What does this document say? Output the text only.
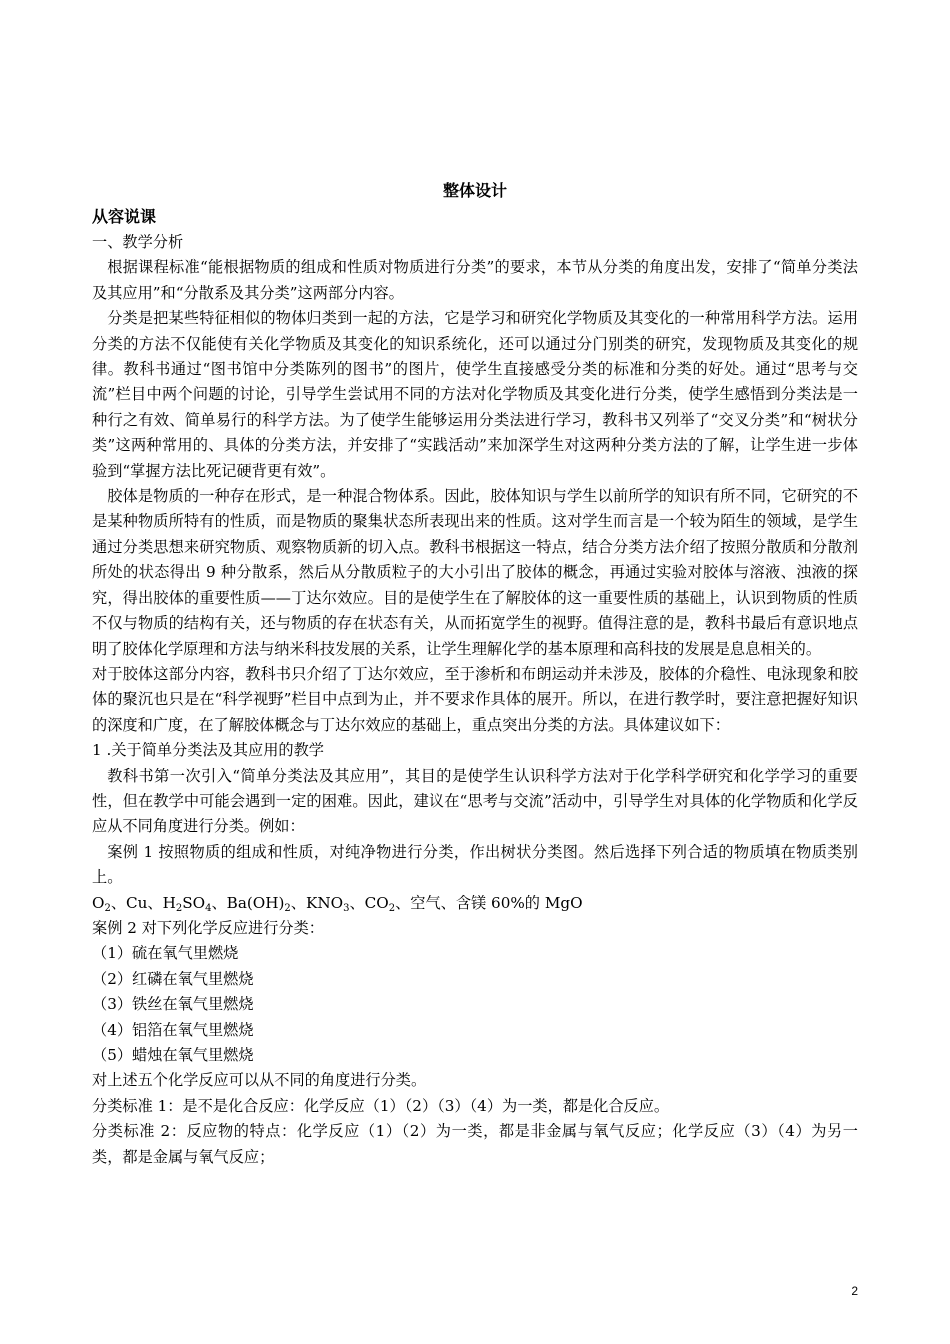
整体设计
从容说课

一、教学分析

根据课程标准“能根据物质的组成和性质对物质进行分类”的要求，本节从分类的角度出发，安排了“简单分类法及其应用”和“分散系及其分类”这两部分内容。

分类是把某些特征相似的物体归类到一起的方法，它是学习和研究化学物质及其变化的一种常用科学方法。运用分类的方法不仅能使有关化学物质及其变化的知识系统化，还可以通过分门别类的研究，发现物质及其变化的规律。教科书通过“图书馆中分类陈列的图书”的图片，使学生直接感受分类的标准和分类的好处。通过“思考与交流”栏目中两个问题的讨论，引导学生尝试用不同的方法对化学物质及其变化进行分类，使学生感悟到分类法是一种行之有效、简单易行的科学方法。为了使学生能够运用分类法进行学习，教科书又列举了“交叉分类”和“树状分类”这两种常用的、具体的分类方法，并安排了“实践活动”来加深学生对这两种分类方法的了解，让学生进一步体验到“掌握方法比死记硬背更有效”。

胶体是物质的一种存在形式，是一种混合物体系。因此，胶体知识与学生以前所学的知识有所不同，它研究的不是某种物质所特有的性质，而是物质的聚集状态所表现出来的性质。这对学生而言是一个较为陌生的领域，是学生通过分类思想来研究物质、观察物质新的切入点。教科书根据这一特点，结合分类方法介绍了按照分散质和分散剂所处的状态得出 9 种分散系，然后从分散质粒子的大小引出了胶体的概念，再通过实验对胶体与溶液、浊液的探究，得出胶体的重要性质——丁达尔效应。目的是使学生在了解胶体的这一重要性质的基础上，认识到物质的性质不仅与物质的结构有关，还与物质的存在状态有关，从而拓宽学生的视野。值得注意的是，教科书最后有意识地点明了胶体化学原理和方法与纳米科技发展的关系，让学生理解化学的基本原理和高科技的发展是息息相关的。

对于胶体这部分内容，教科书只介绍了丁达尔效应，至于渗析和布朗运动并未涉及，胶体的介稳性、电泳现象和胶体的聚沉也只是在“科学视野”栏目中点到为止，并不要求作具体的展开。所以，在进行教学时，要注意把握好知识的深度和广度，在了解胶体概念与丁达尔效应的基础上，重点突出分类的方法。具体建议如下：

1 .关于简单分类法及其应用的教学

教科书第一次引入“简单分类法及其应用”，其目的是使学生认识科学方法对于化学科学研究和化学学习的重要性，但在教学中可能会遇到一定的困难。因此，建议在“思考与交流”活动中，引导学生对具体的化学物质和化学反应从不同角度进行分类。例如：

案例 1 按照物质的组成和性质，对纯净物进行分类，作出树状分类图。然后选择下列合适的物质填在物质类别上。

$O_2$、Cu、$H_2SO_4$、$Ba(OH)_2$、$KNO_3$、$CO_2$、空气、含镁 60%的 MgO

案例 2 对下列化学反应进行分类：

（1）硫在氧气里燃烧

（2）红磷在氧气里燃烧

（3）铁丝在氧气里燃烧

（4）铝箔在氧气里燃烧

（5）蜡烛在氧气里燃烧

对上述五个化学反应可以从不同的角度进行分类。

分类标准 1：是不是化合反应：化学反应（1）（2）（3）（4）为一类，都是化合反应。

分类标准 2：反应物的特点：化学反应（1）（2）为一类，都是非金属与氧气反应；化学反应（3）（4）为另一类，都是金属与氧气反应；

2
